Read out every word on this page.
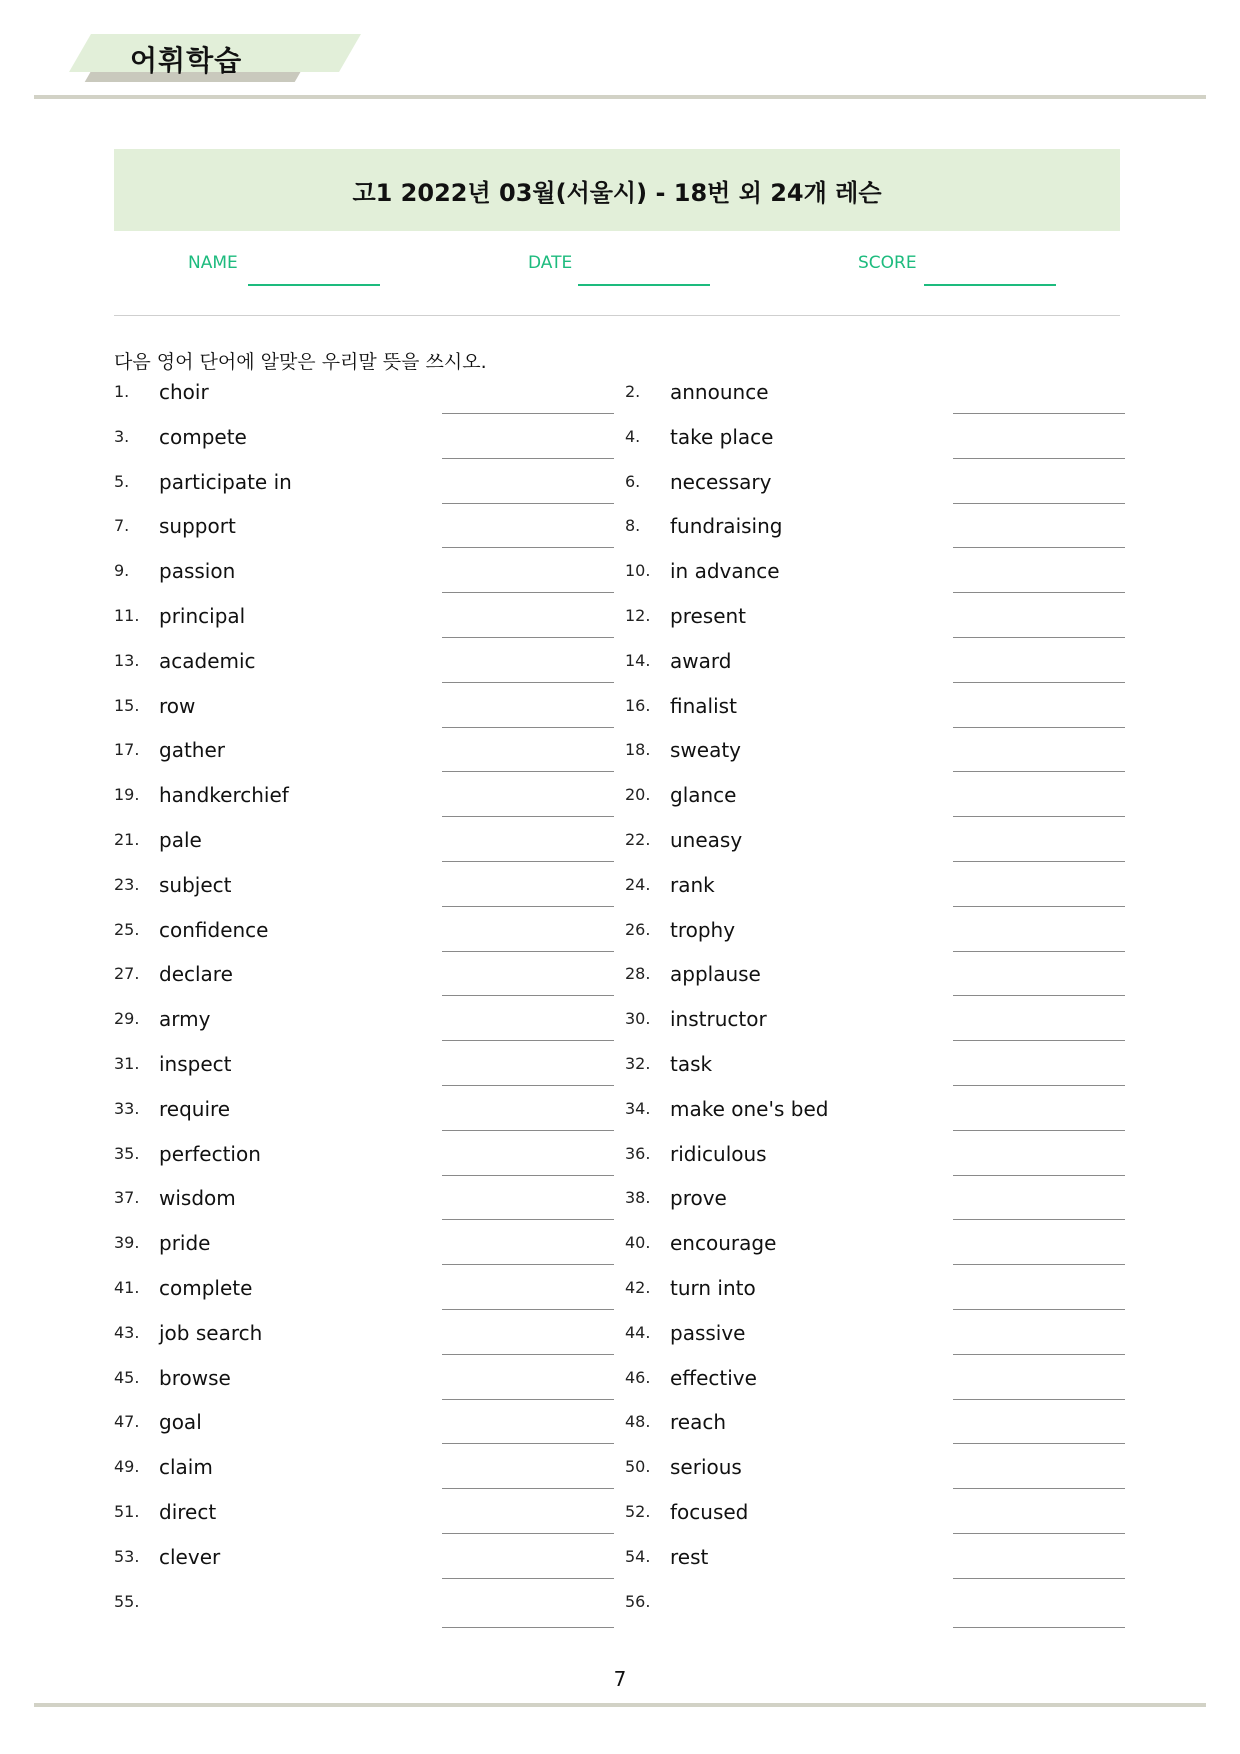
어휘학습
고1 2022년 03월(서울시) - 18번 외 24개 레슨
NAME	DATE	SCORE
다음 영어 단어에 알맞은 우리말 뜻을 쓰시오.
1. choir	2. announce
3. compete	4. take place
5. participate in	6. necessary
7. support	8. fundraising
9. passion	10. in advance
11. principal	12. present
13. academic	14. award
15. row	16. finalist
17. gather	18. sweaty
19. handkerchief	20. glance
21. pale	22. uneasy
23. subject	24. rank
25. confidence	26. trophy
27. declare	28. applause
29. army	30. instructor
31. inspect	32. task
33. require	34. make one's bed
35. perfection	36. ridiculous
37. wisdom	38. prove
39. pride	40. encourage
41. complete	42. turn into
43. job search	44. passive
45. browse	46. effective
47. goal	48. reach
49. claim	50. serious
51. direct	52. focused
53. clever	54. rest
55.	56.
7
